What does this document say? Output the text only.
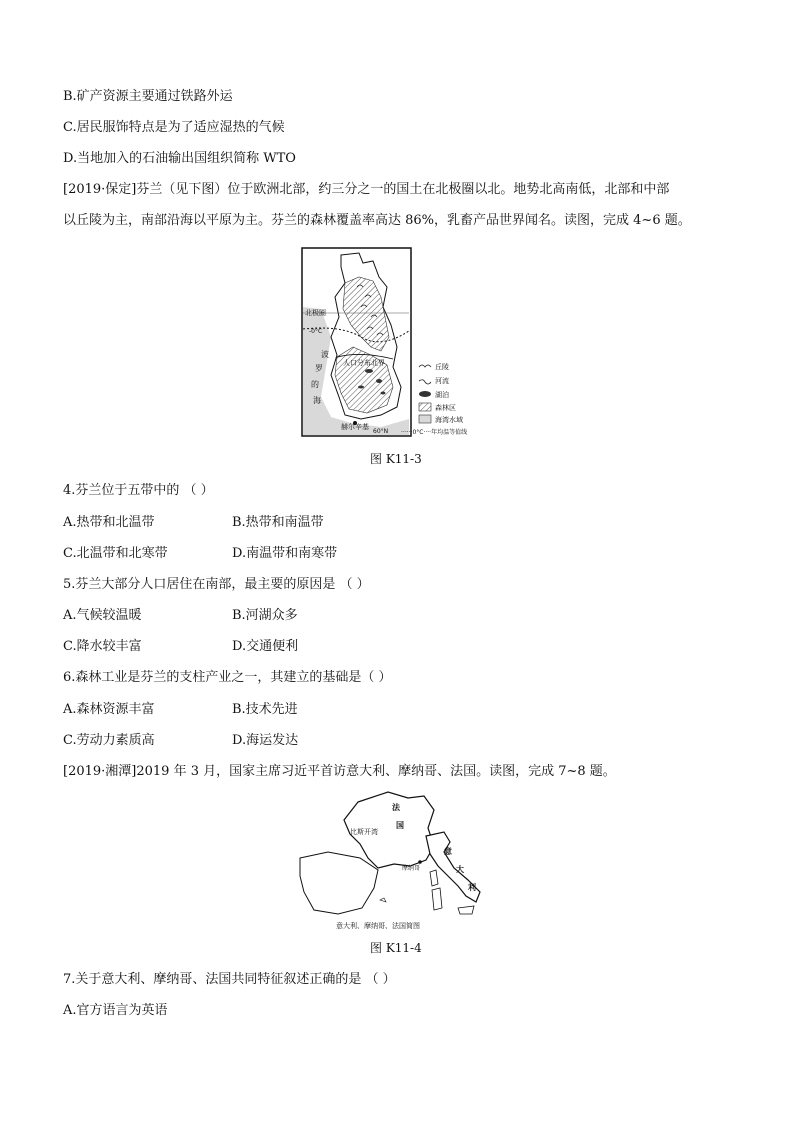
B.矿产资源主要通过铁路外运
C.居民服饰特点是为了适应湿热的气候
D.当地加入的石油输出国组织简称 WTO
[2019·保定]芬兰（见下图）位于欧洲北部，约三分之一的国土在北极圈以北。地势北高南低，北部和中部
以丘陵为主，南部沿海以平原为主。芬兰的森林覆盖率高达 86%，乳畜产品世界闻名。读图，完成 4~6 题。
北极圈
-0°C
波
罗
的
海
人口分布北界
赫尔辛基
60°N
丘陵
河流
湖泊
森林区
海湾水域
······0°C····年均温等值线
图 K11-3
4.芬兰位于五带中的 （ ）
A.热带和北温带	B.热带和南温带
C.北温带和北寒带	D.南温带和南寒带
5.芬兰大部分人口居住在南部，最主要的原因是 （ ）
A.气候较温暖	B.河湖众多
C.降水较丰富	D.交通便利
6.森林工业是芬兰的支柱产业之一，其建立的基础是（ ）
A.森林资源丰富	B.技术先进
C.劳动力素质高	D.海运发达
[2019·湘潭]2019 年 3 月，国家主席习近平首访意大利、摩纳哥、法国。读图，完成 7~8 题。
比斯开湾
法
国
摩纳哥
意
大
利
意大利、摩纳哥、法国简图
图 K11-4
7.关于意大利、摩纳哥、法国共同特征叙述正确的是 （ ）
A.官方语言为英语
